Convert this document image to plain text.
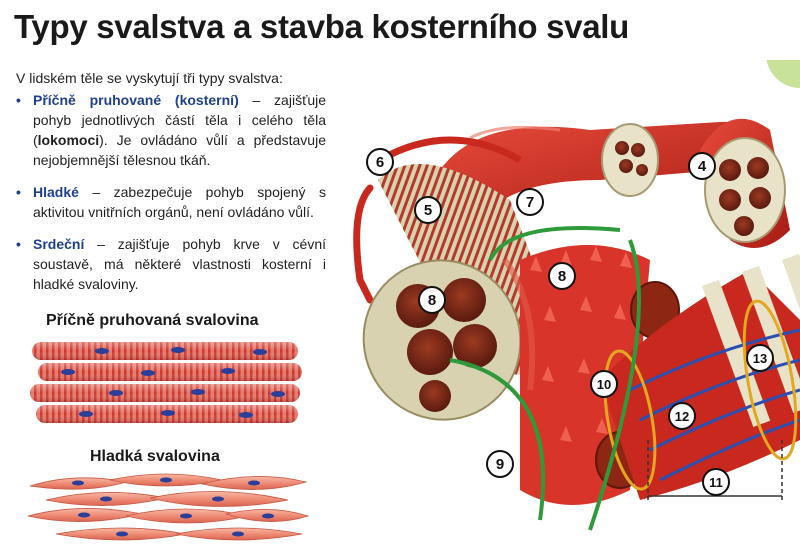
Typy svalstva a stavba kosterního svalu
V lidském těle se vyskytují tři typy svalstva:
• Příčně pruhované (kosterní) – zajišťuje pohyb jednotlivých částí těla i celého těla (lokomoci). Je ovládáno vůlí a představuje nejobjemnější tělesnou tkáň.
• Hladké – zabezpečuje pohyb spojený s aktivitou vnitřních orgánů, není ovládáno vůlí.
• Srdeční – zajišťuje pohyb krve v cévní soustavě, má některé vlastnosti kosterní i hladké svaloviny.
Příčně pruhovaná svalovina
Hladká svalovina
6	4
5	7
8
8
9
10
11
12
13
